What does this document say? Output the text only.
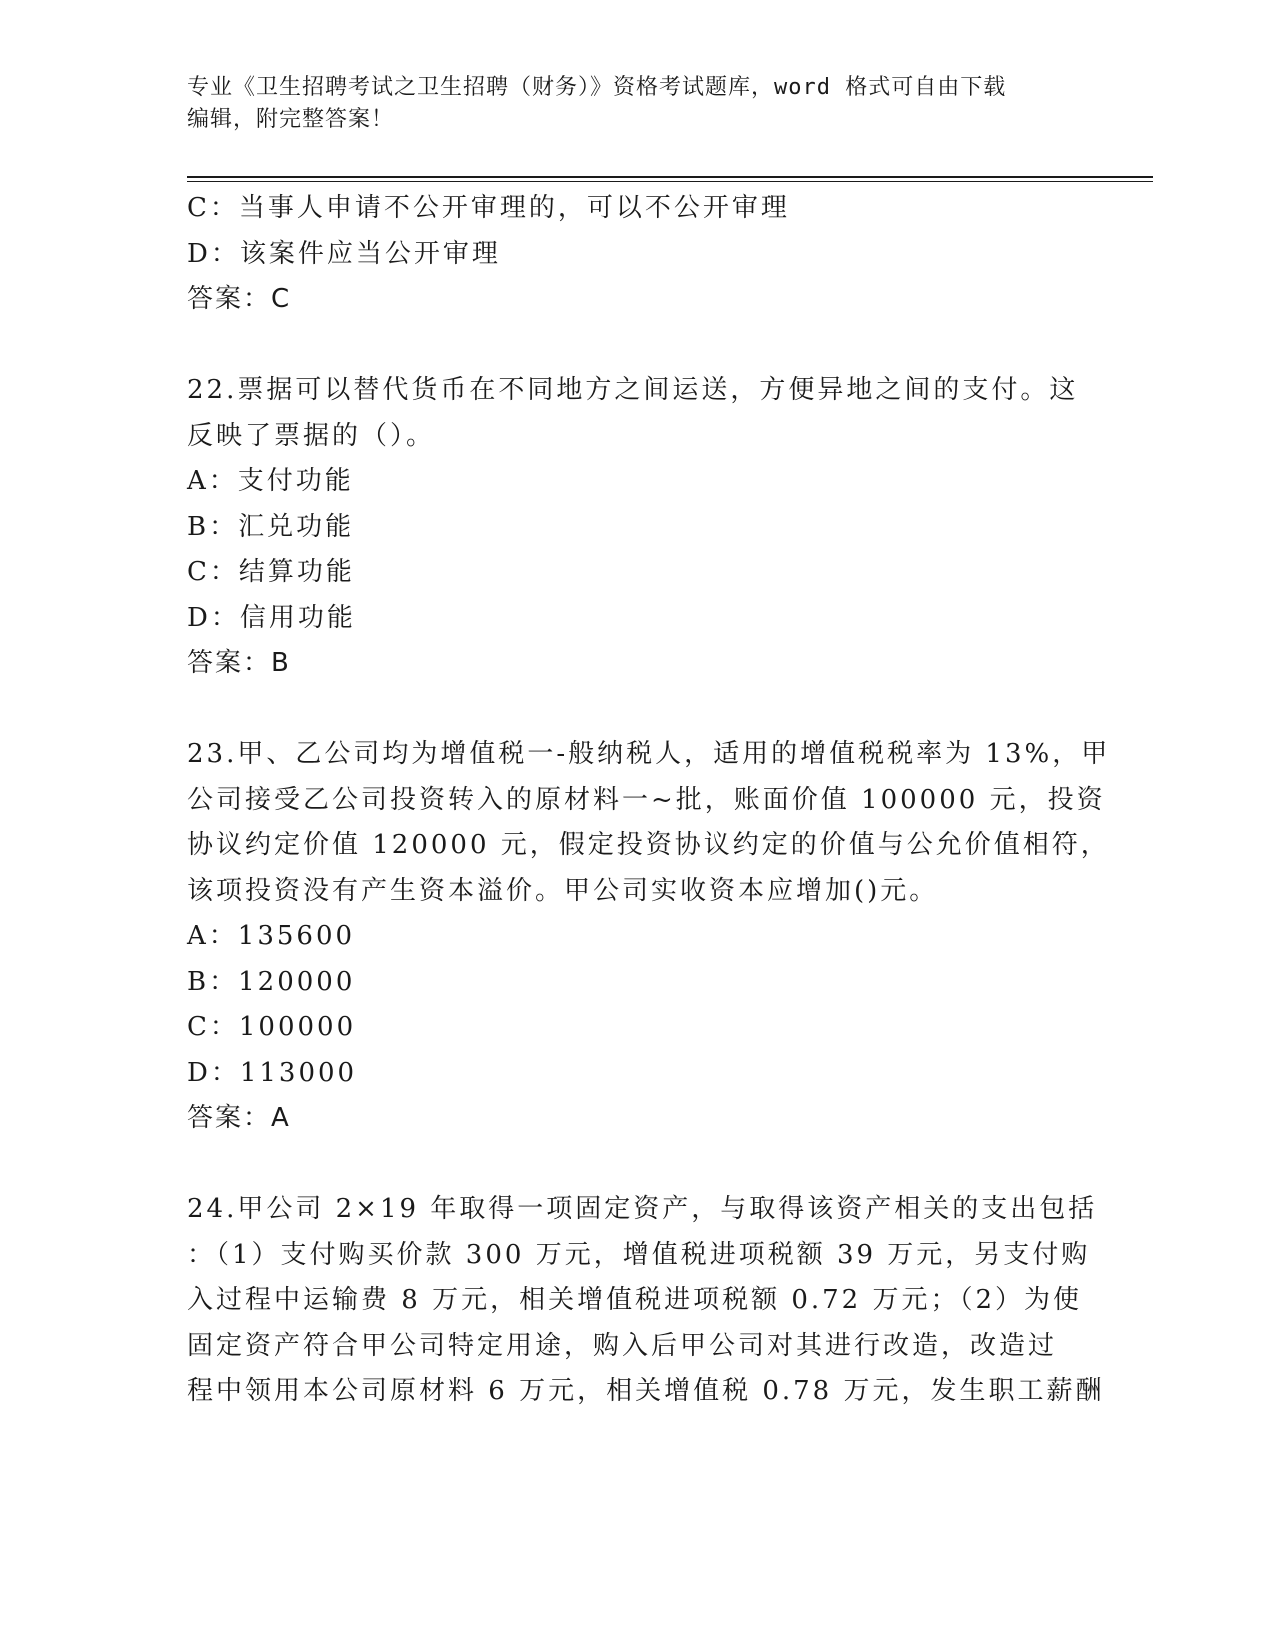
专业《卫生招聘考试之卫生招聘（财务）》资格考试题库，word 格式可自由下载
编辑，附完整答案！
C：当事人申请不公开审理的，可以不公开审理
D：该案件应当公开审理
答案：C
22.票据可以替代货币在不同地方之间运送，方便异地之间的支付。这
反映了票据的（）。
A：支付功能
B：汇兑功能
C：结算功能
D：信用功能
答案：B
23.甲、乙公司均为增值税一-般纳税人，适用的增值税税率为 13%，甲
公司接受乙公司投资转入的原材料一~批，账面价值 100000 元，投资
协议约定价值 120000 元，假定投资协议约定的价值与公允价值相符，
该项投资没有产生资本溢价。甲公司实收资本应增加()元。
A：135600
B：120000
C：100000
D：113000
答案：A
24.甲公司 2×19 年取得一项固定资产，与取得该资产相关的支出包括
：（1）支付购买价款 300 万元，增值税进项税额 39 万元，另支付购
入过程中运输费 8 万元，相关增值税进项税额 0.72 万元；（2）为使
固定资产符合甲公司特定用途，购入后甲公司对其进行改造，改造过
程中领用本公司原材料 6 万元，相关增值税 0.78 万元，发生职工薪酬
